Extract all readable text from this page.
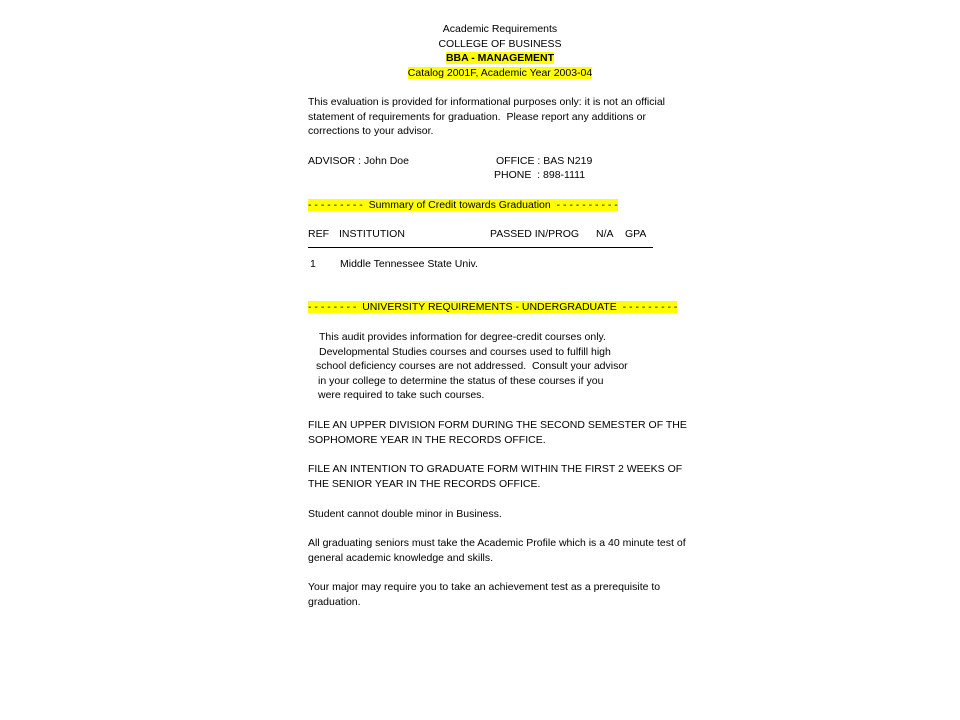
Academic Requirements
COLLEGE OF BUSINESS
BBA - MANAGEMENT
Catalog 2001F, Academic Year 2003-04
This evaluation is provided for informational purposes only: it is not an official
statement of requirements for graduation.  Please report any additions or
corrections to your advisor.
ADVISOR : John Doe	OFFICE : BAS N219
PHONE  : 898-1111
- - - - - - - - -  Summary of Credit towards Graduation  - - - - - - - - - -
REF INSTITUTION	PASSED IN/PROG N/A GPA
1 Middle Tennessee State Univ.
- - - - - - - -  UNIVERSITY REQUIREMENTS - UNDERGRADUATE  - - - - - - - - -
This audit provides information for degree-credit courses only.
Developmental Studies courses and courses used to fulfill high
school deficiency courses are not addressed.  Consult your advisor
in your college to determine the status of these courses if you
were required to take such courses.
FILE AN UPPER DIVISION FORM DURING THE SECOND SEMESTER OF THE
SOPHOMORE YEAR IN THE RECORDS OFFICE.
FILE AN INTENTION TO GRADUATE FORM WITHIN THE FIRST 2 WEEKS OF
THE SENIOR YEAR IN THE RECORDS OFFICE.
Student cannot double minor in Business.
All graduating seniors must take the Academic Profile which is a 40 minute test of
general academic knowledge and skills.
Your major may require you to take an achievement test as a prerequisite to
graduation.
